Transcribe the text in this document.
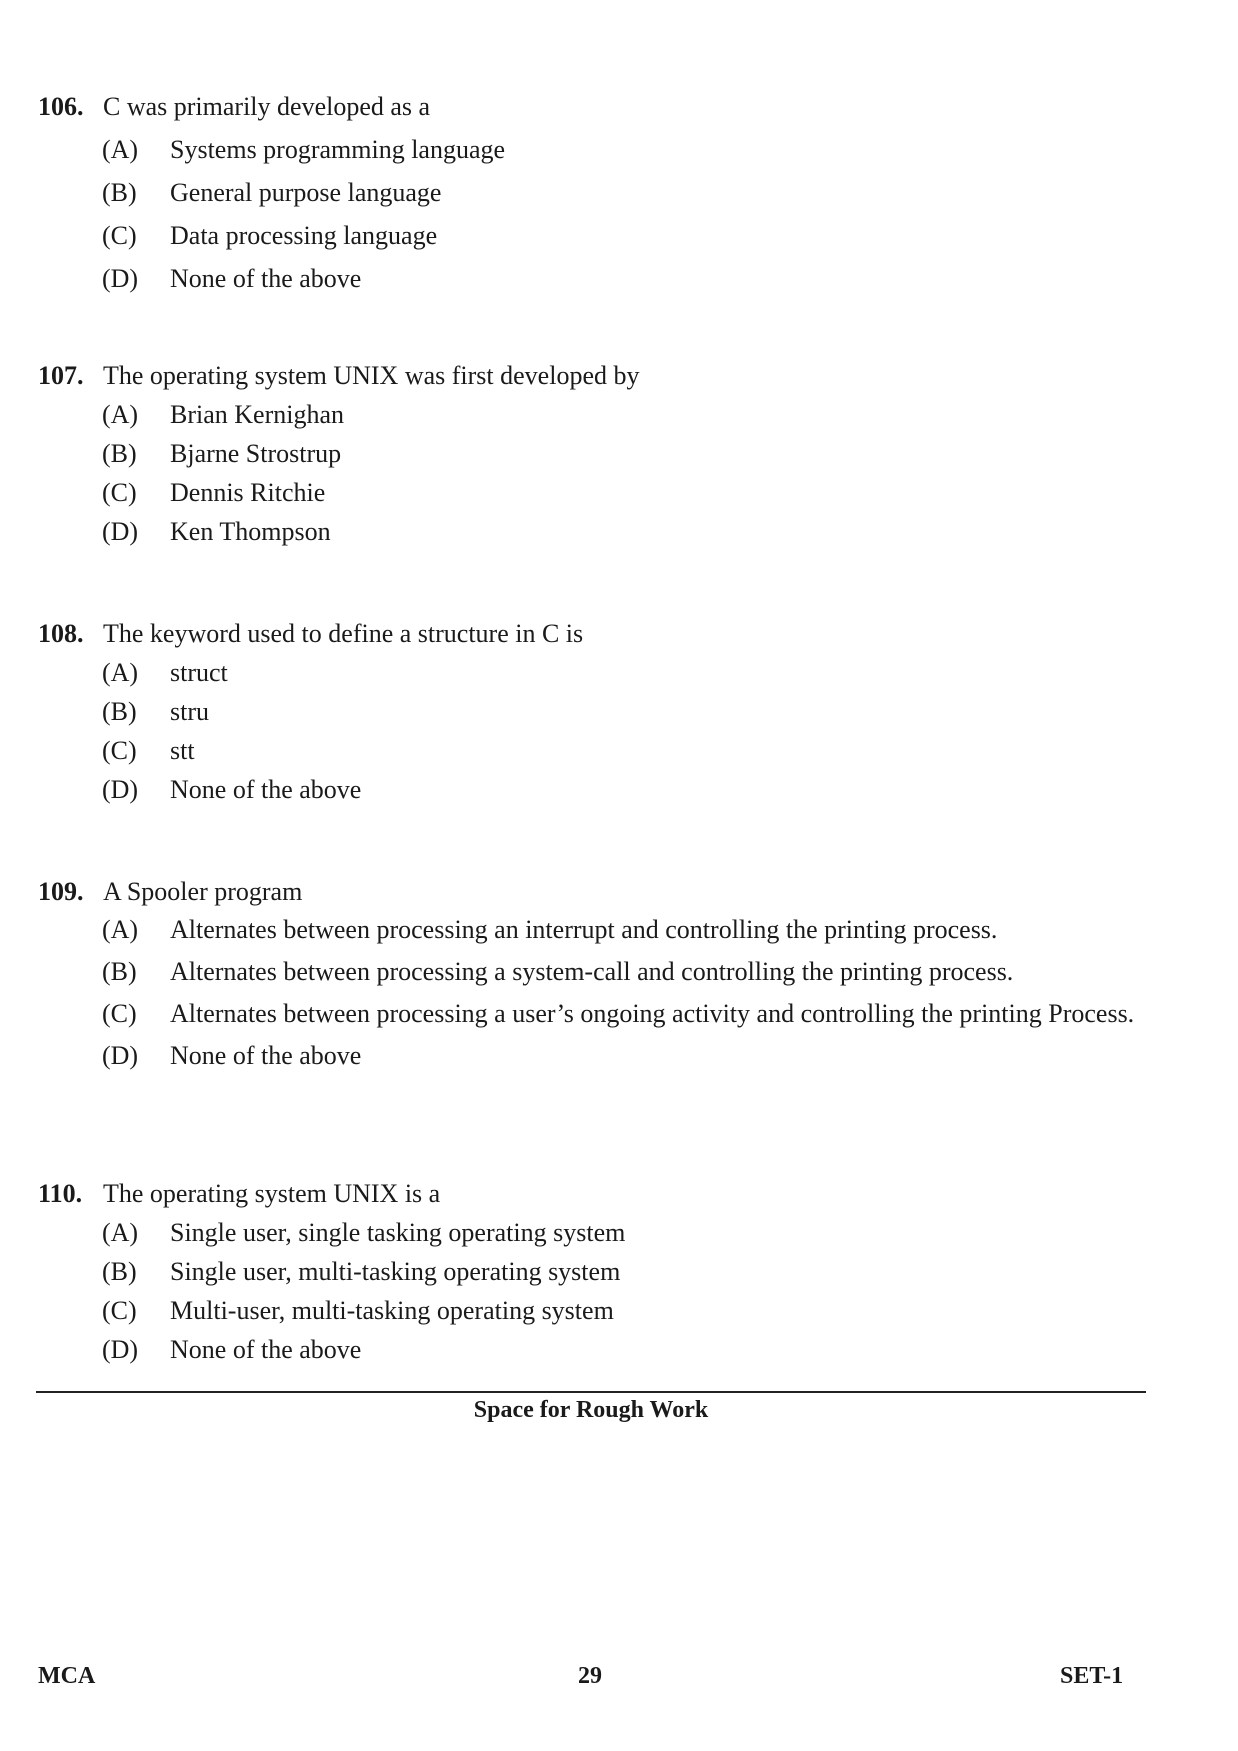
106. C was primarily developed as a
(A)	Systems programming language
(B)	General purpose language
(C)	Data processing language
(D)	None of the above
107. The operating system UNIX was first developed by
(A)	Brian Kernighan
(B)	Bjarne Strostrup
(C)	Dennis Ritchie
(D)	Ken Thompson
108. The keyword used to define a structure in C is
(A)	struct
(B)	stru
(C)	stt
(D)	None of the above
109. A Spooler program
(A)	Alternates between processing an interrupt and controlling the printing process.
(B)	Alternates between processing a system-call and controlling the printing process.
(C)	Alternates between processing a user’s ongoing activity and controlling the printing Process.
(D)	None of the above
110. The operating system UNIX is a
(A)	Single user, single tasking operating system
(B)	Single user, multi-tasking operating system
(C)	Multi-user, multi-tasking operating system
(D)	None of the above
Space for Rough Work
MCA	29	SET-1
